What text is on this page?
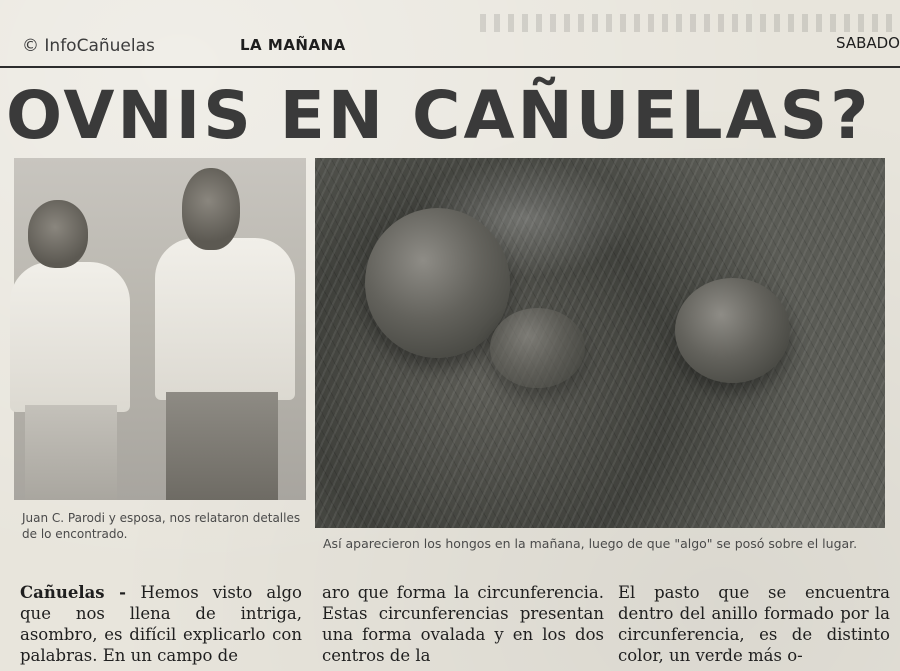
© InfoCañuelas	LA MAÑANA	SABADO
OVNIS EN CAÑUELAS?
Juan C. Parodi y esposa, nos relataron detalles de lo encontrado.
Así aparecieron los hongos en la mañana, luego de que "algo" se posó sobre el lugar.

Cañuelas - Hemos visto algo que nos llena de intriga, asombro, es difícil explicarlo con palabras. En un campo de

aro que forma la circunferencia. Estas circunferencias presentan una forma ovalada y en los dos centros de la

El pasto que se encuentra dentro del anillo formado por la circunferencia, es de distinto color, un verde más o-
